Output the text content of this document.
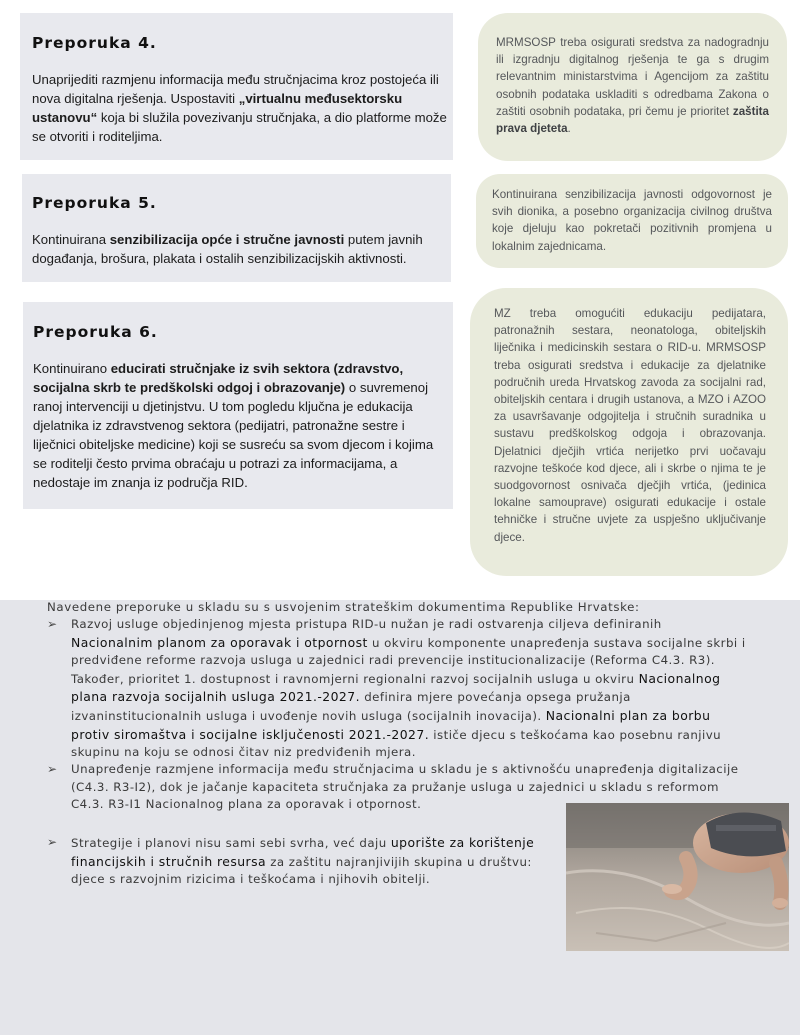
Preporuka 4.
Unaprijediti razmjenu informacija među stručnjacima kroz postojeća ili nova digitalna rješenja. Uspostaviti „virtualnu međusektorsku ustanovu“ koja bi služila povezivanju stručnjaka, a dio platforme može se otvoriti i roditeljima.
MRMSOSP treba osigurati sredstva za nadogradnju ili izgradnju digitalnog rješenja te ga s drugim relevantnim ministarstvima i Agencijom za zaštitu osobnih podataka uskladiti s odredbama Zakona o zaštiti osobnih podataka, pri čemu je prioritet zaštita prava djeteta.
Preporuka 5.
Kontinuirana senzibilizacija opće i stručne javnosti putem javnih događanja, brošura, plakata i ostalih senzibilizacijskih aktivnosti.
Kontinuirana senzibilizacija javnosti odgovornost je svih dionika, a posebno organizacija civilnog društva koje djeluju kao pokretači pozitivnih promjena u lokalnim zajednicama.
Preporuka 6.
Kontinuirano educirati stručnjake iz svih sektora (zdravstvo, socijalna skrb te predškolski odgoj i obrazovanje) o suvremenoj ranoj intervenciji u djetinjstvu. U tom pogledu ključna je edukacija djelatnika iz zdravstvenog sektora (pedijatri, patronažne sestre i liječnici obiteljske medicine) koji se susreću sa svom djecom i kojima se roditelji često prvima obraćaju u potrazi za informacijama, a nedostaje im znanja iz područja RID.
MZ treba omogućiti edukaciju pedijatara, patronažnih sestara, neonatologa, obiteljskih liječnika i medicinskih sestara o RID-u. MRMSOSP treba osigurati sredstva i edukacije za djelatnike područnih ureda Hrvatskog zavoda za socijalni rad, obiteljskih centara i drugih ustanova, a MZO i AZOO za usavršavanje odgojitelja i stručnih suradnika u sustavu predškolskog odgoja i obrazovanja. Djelatnici dječjih vrtića nerijetko prvi uočavaju razvojne teškoće kod djece, ali i skrbe o njima te je suodgovornost osnivača dječjih vrtića, (jedinica lokalne samouprave) osigurati edukacije i ostale tehničke i stručne uvjete za uspješno uključivanje djece.
Navedene preporuke u skladu su s usvojenim strateškim dokumentima Republike Hrvatske:
➢ Razvoj usluge objedinjenog mjesta pristupa RID-u nužan je radi ostvarenja ciljeva definiranih Nacionalnim planom za oporavak i otpornost u okviru komponente unapređenja sustava socijalne skrbi i predviđene reforme razvoja usluga u zajednici radi prevencije institucionalizacije (Reforma C4.3. R3). Također, prioritet 1. dostupnost i ravnomjerni regionalni razvoj socijalnih usluga u okviru Nacionalnog plana razvoja socijalnih usluga 2021.-2027. definira mjere povećanja opsega pružanja izvaninstitucionalnih usluga i uvođenje novih usluga (socijalnih inovacija). Nacionalni plan za borbu protiv siromaštva i socijalne isključenosti 2021.-2027. ističe djecu s teškoćama kao posebnu ranjivu skupinu na koju se odnosi čitav niz predviđenih mjera.
➢ Unapređenje razmjene informacija među stručnjacima u skladu je s aktivnošću unapređenja digitalizacije (C4.3. R3-I2), dok je jačanje kapaciteta stručnjaka za pružanje usluga u zajednici u skladu s reformom C4.3. R3-I1 Nacionalnog plana za oporavak i otpornost.
➢ Strategije i planovi nisu sami sebi svrha, već daju uporište za korištenje financijskih i stručnih resursa za zaštitu najranjivijih skupina u društvu: djece s razvojnim rizicima i teškoćama i njihovih obitelji.
